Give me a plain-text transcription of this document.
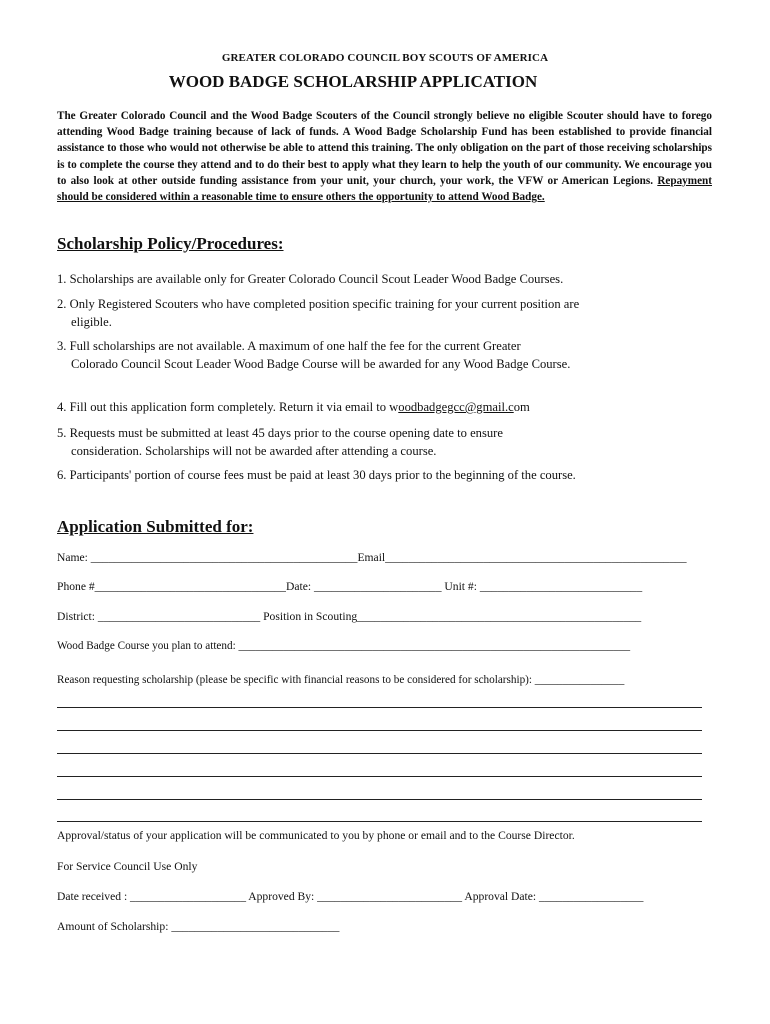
GREATER COLORADO COUNCIL BOY SCOUTS OF AMERICA
WOOD BADGE SCHOLARSHIP APPLICATION
The Greater Colorado Council and the Wood Badge Scouters of the Council strongly believe no eligible Scouter should have to forego attending Wood Badge training because of lack of funds. A Wood Badge Scholarship Fund has been established to provide financial assistance to those who would not otherwise be able to attend this training. The only obligation on the part of those receiving scholarships is to complete the course they attend and to do their best to apply what they learn to help the youth of our community. We encourage you to also look at other outside funding assistance from your unit, your church, your work, the VFW or American Legions. Repayment should be considered within a reasonable time to ensure others the opportunity to attend Wood Badge.
Scholarship Policy/Procedures:
1. Scholarships are available only for Greater Colorado Council Scout Leader Wood Badge Courses.
2. Only Registered Scouters who have completed position specific training for your current position are
eligible.
3. Full scholarships are not available. A maximum of one half the fee for the current Greater
Colorado Council Scout Leader Wood Badge Course will be awarded for any Wood Badge Course.
4. Fill out this application form completely. Return it via email to woodbadgegcc@gmail.com
5. Requests must be submitted at least 45 days prior to the course opening date to ensure
consideration. Scholarships will not be awarded after attending a course.
6. Participants' portion of course fees must be paid at least 30 days prior to the beginning of the course.
Application Submitted for:
Name: ______________________________________________Email____________________________________________________
Phone #_________________________________Date: ______________________ Unit #: ____________________________
District: ____________________________ Position in Scouting_________________________________________________
Wood Badge Course you plan to attend: ______________________________________________________________________
Reason requesting scholarship (please be specific with financial reasons to be considered for scholarship): ________________
Approval/status of your application will be communicated to you by phone or email and to the Course Director.
For Service Council Use Only
Date received : ____________________ Approved By: _________________________ Approval Date: __________________
Amount of Scholarship: _____________________________
